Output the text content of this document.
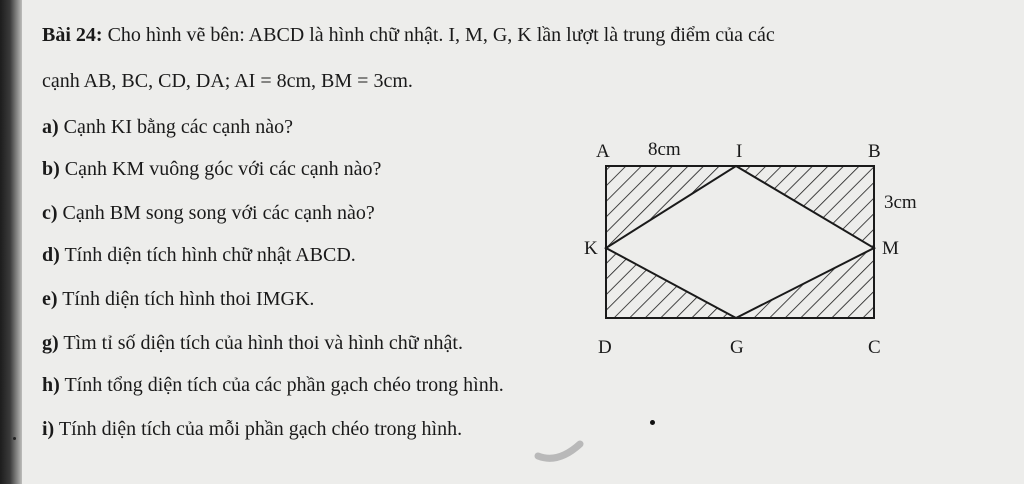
Bài 24: Cho hình vẽ bên: ABCD là hình chữ nhật. I, M, G, K lần lượt là trung điểm của các
cạnh AB, BC, CD, DA; AI = 8cm, BM = 3cm.
a) Cạnh KI bằng các cạnh nào?
b) Cạnh KM vuông góc với các cạnh nào?
c) Cạnh BM song song với các cạnh nào?
d) Tính diện tích hình chữ nhật ABCD.
e) Tính diện tích hình thoi IMGK.
g) Tìm tỉ số diện tích của hình thoi và hình chữ nhật.
h) Tính tổng diện tích của các phần gạch chéo trong hình.
i) Tính diện tích của mỗi phần gạch chéo trong hình.
A 8cm	I	B
3cm
K	M
D	G	C
